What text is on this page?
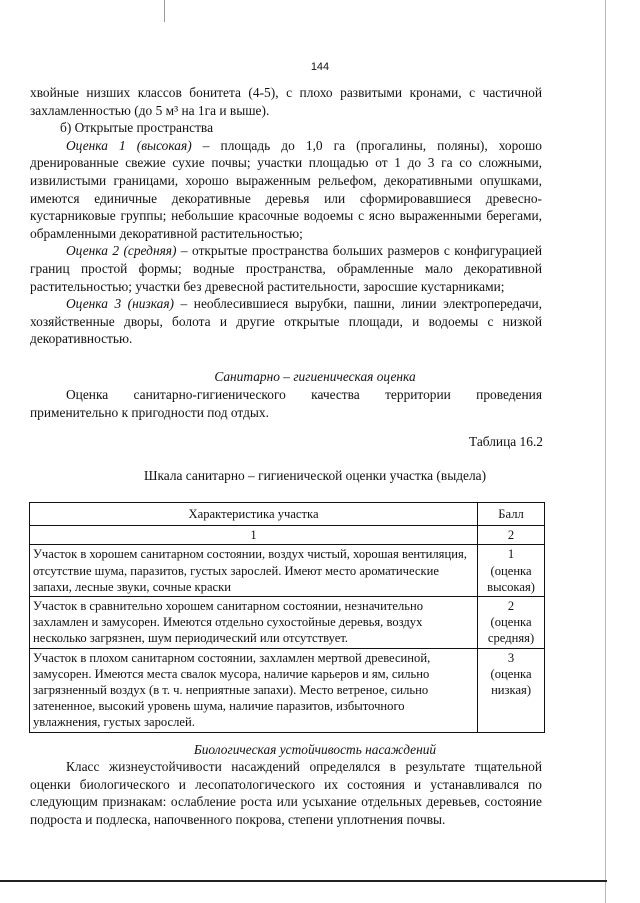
144

хвойные низших классов бонитета (4-5), с плохо развитыми кронами, с частичной

захламленностью (до 5 м³ на 1га и выше).

б) Открытые пространства

Оценка 1 (высокая) – площадь до 1,0 га (прогалины, поляны), хорошо дренированные свежие сухие почвы; участки площадью от 1 до 3 га со сложными, извилистыми границами, хорошо выраженным рельефом, декоративными опушками, имеются единичные декоративные деревья или сформировавшиеся древесно-кустарниковые группы; небольшие красочные водоемы с ясно выраженными берегами, обрамленными декоративной растительностью;

Оценка 2 (средняя) – открытые пространства больших размеров с конфигурацией границ простой формы; водные пространства, обрамленные мало декоративной растительностью; участки без древесной растительности, заросшие кустарниками;

Оценка 3 (низкая) – необлесившиеся вырубки, пашни, линии электропередачи, хозяйственные дворы, болота и другие открытые площади, и водоемы с низкой декоративностью.

Санитарно – гигиеническая оценка

Оценка санитарно-гигиенического качества территории проведения применительно к пригодности под отдых.

Таблица 16.2
Шкала санитарно – гигиенической оценки участка (выдела)
Характеристика участка	Балл
1	2
Участок в хорошем санитарном состоянии, воздух чистый, хорошая вентиляция, отсутствие шума, паразитов, густых зарослей. Имеют место ароматические запахи, лесные звуки, сочные краски	1
(оценка высокая)

Участок в сравнительно хорошем санитарном состоянии, незначительно захламлен и замусорен. Имеются отдельно сухостойные деревья, воздух несколько загрязнен, шум периодический или отсутствует.	2
(оценка средняя)

Участок в плохом санитарном состоянии, захламлен мертвой древесиной, замусорен. Имеются места свалок мусора, наличие карьеров и ям, сильно загрязненный воздух (в т. ч. неприятные запахи). Место ветреное, сильно затененное, высокий уровень шума, наличие паразитов, избыточного увлажнения, густых зарослей.	3
(оценка низкая)
Биологическая устойчивость насаждений

Класс жизнеустойчивости насаждений определялся в результате тщательной оценки биологического и лесопатологического их состояния и устанавливался по следующим признакам: ослабление роста или усыхание отдельных деревьев, состояние подроста и подлеска, напочвенного покрова, степени уплотнения почвы.
